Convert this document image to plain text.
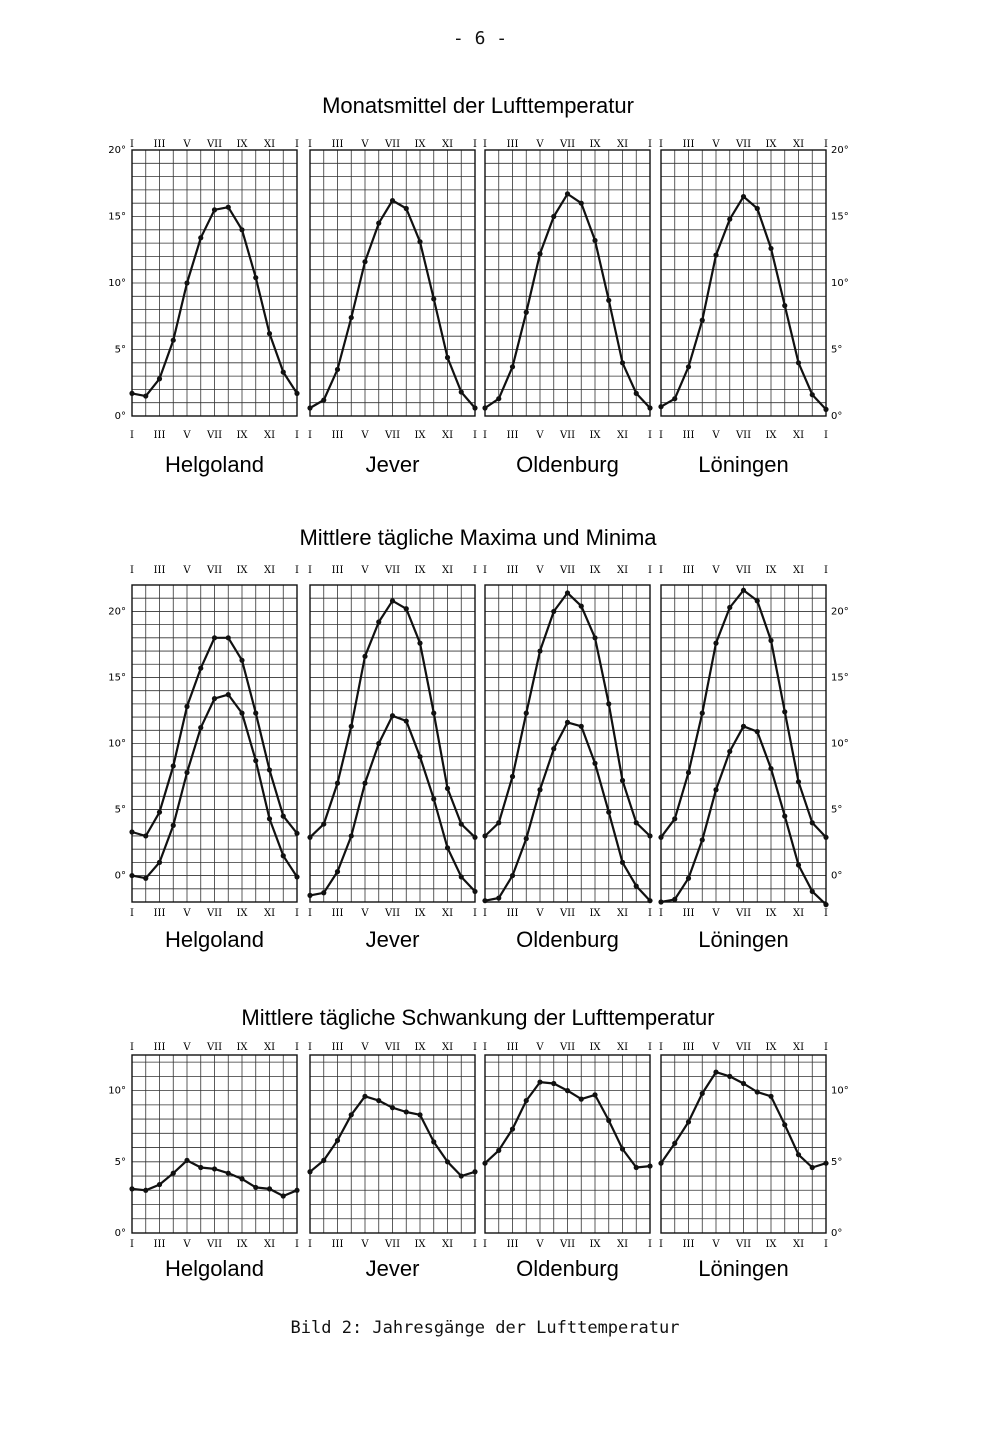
- 6 -
Monatsmittel der Lufttemperatur
0°	0°
5°	5°
10°	10°
15°	15°
20°	20°
I
I
III
III
V
V
VII
VII
IX
IX
XI
XI
I
I
Helgoland
I
I
III
III
V
V
VII
VII
IX
IX
XI
XI
I
I
Jever
I
I
III
III
V
V
VII
VII
IX
IX
XI
XI
I
I
Oldenburg
I
I
III
III
V
V
VII
VII
IX
IX
XI
XI
I
I
Löningen
Mittlere tägliche Maxima und Minima
0°	0°
5°	5°
10°	10°
15°	15°
20°	20°
I
I
III
III
V
V
VII
VII
IX
IX
XI
XI
I
I
Helgoland
I
I
III
III
V
V
VII
VII
IX
IX
XI
XI
I
I
Jever
I
I
III
III
V
V
VII
VII
IX
IX
XI
XI
I
I
Oldenburg
I
I
III
III
V
V
VII
VII
IX
IX
XI
XI
I
I
Löningen
Mittlere tägliche Schwankung der Lufttemperatur
0°	0°
5°	5°
10°	10°
I
I
III
III
V
V
VII
VII
IX
IX
XI
XI
I
I
Helgoland
I
I
III
III
V
V
VII
VII
IX
IX
XI
XI
I
I
Jever
I
I
III
III
V
V
VII
VII
IX
IX
XI
XI
I
I
Oldenburg
I
I
III
III
V
V
VII
VII
IX
IX
XI
XI
I
I
Löningen
Bild 2: Jahresgänge der Lufttemperatur
